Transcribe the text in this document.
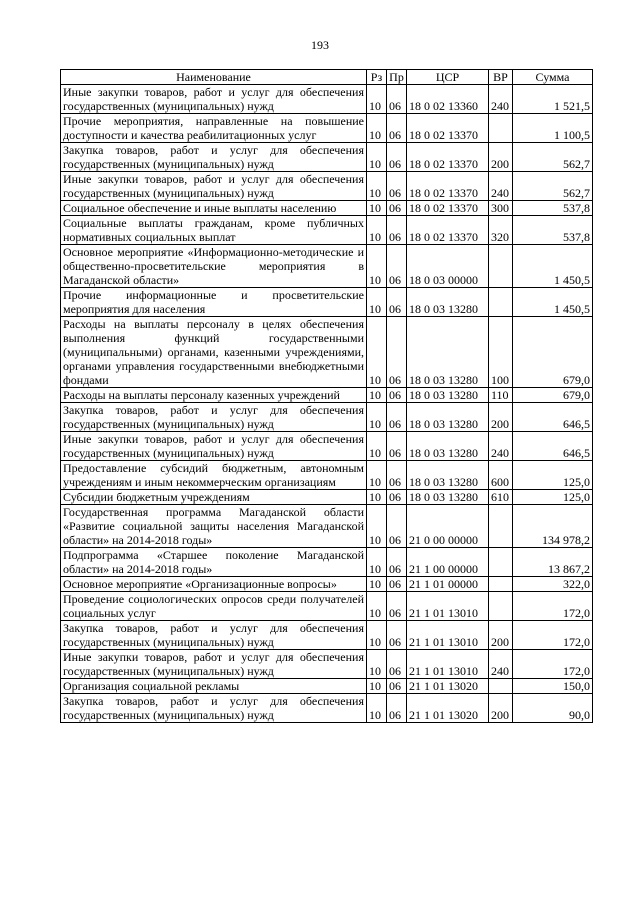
193
Наименование	Рз	Пр	ЦСР	ВР	Сумма
Иные закупки товаров, работ и услуг для обеспечения государственных (муниципальных) нужд	10	06	18 0 02 13360	240	1 521,5
Прочие мероприятия, направленные на повышение доступности и качества реабилитационных услуг	10	06	18 0 02 13370		1 100,5
Закупка товаров, работ и услуг для обеспечения государственных (муниципальных) нужд	10	06	18 0 02 13370	200	562,7
Иные закупки товаров, работ и услуг для обеспечения государственных (муниципальных) нужд	10	06	18 0 02 13370	240	562,7
Социальное обеспечение и иные выплаты населению	10	06	18 0 02 13370	300	537,8
Социальные выплаты гражданам, кроме публичных нормативных социальных выплат	10	06	18 0 02 13370	320	537,8
Основное мероприятие «Информационно-методические и общественно-просветительские мероприятия в Магаданской области»	10	06	18 0 03 00000		1 450,5
Прочие информационные и просветительские мероприятия для населения	10	06	18 0 03 13280		1 450,5
Расходы на выплаты персоналу в целях обеспечения выполнения функций государственными (муниципальными) органами, казенными учреждениями, органами управления государственными внебюджетными фондами	10	06	18 0 03 13280	100	679,0
Расходы на выплаты персоналу казенных учреждений	10	06	18 0 03 13280	110	679,0
Закупка товаров, работ и услуг для обеспечения государственных (муниципальных) нужд	10	06	18 0 03 13280	200	646,5
Иные закупки товаров, работ и услуг для обеспечения государственных (муниципальных) нужд	10	06	18 0 03 13280	240	646,5
Предоставление субсидий бюджетным, автономным учреждениям и иным некоммерческим организациям	10	06	18 0 03 13280	600	125,0
Субсидии бюджетным учреждениям	10	06	18 0 03 13280	610	125,0
Государственная программа Магаданской области «Развитие социальной защиты населения Магаданской области» на 2014-2018 годы»	10	06	21 0 00 00000		134 978,2
Подпрограмма «Старшее поколение Магаданской области» на 2014-2018 годы»	10	06	21 1 00 00000		13 867,2
Основное мероприятие «Организационные вопросы»	10	06	21 1 01 00000		322,0
Проведение социологических опросов среди получателей социальных услуг	10	06	21 1 01 13010		172,0
Закупка товаров, работ и услуг для обеспечения государственных (муниципальных) нужд	10	06	21 1 01 13010	200	172,0
Иные закупки товаров, работ и услуг для обеспечения государственных (муниципальных) нужд	10	06	21 1 01 13010	240	172,0
Организация социальной рекламы	10	06	21 1 01 13020		150,0
Закупка товаров, работ и услуг для обеспечения государственных (муниципальных) нужд	10	06	21 1 01 13020	200	90,0
